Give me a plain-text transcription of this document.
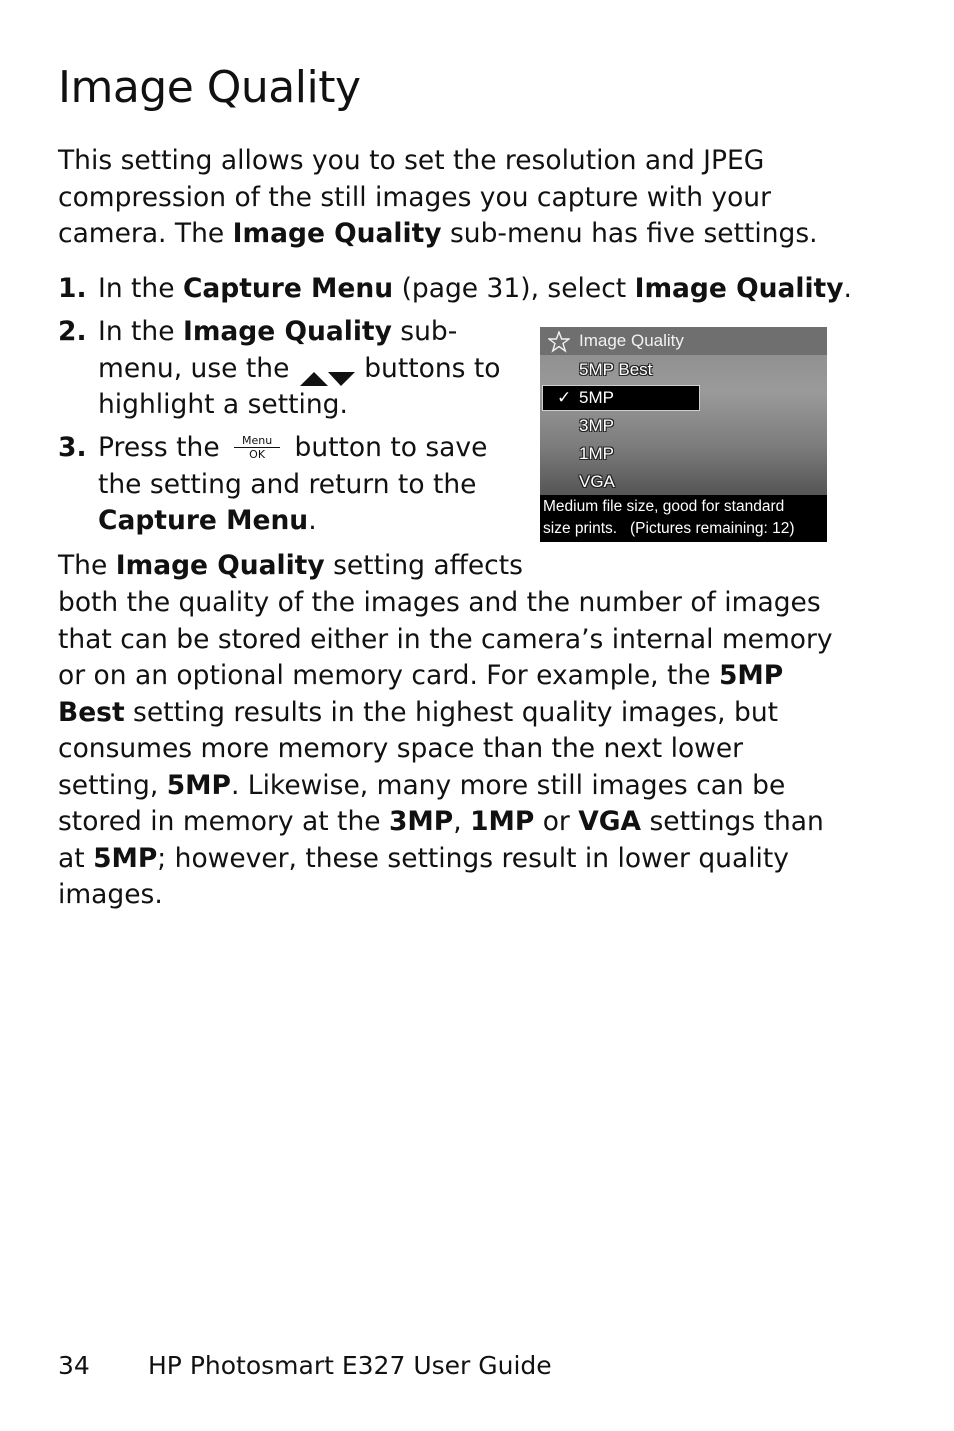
Image Quality

This setting allows you to set the resolution and JPEG compression of the still images you capture with your camera. The Image Quality sub-menu has five settings.

1. In the Capture Menu (page 31), select Image Quality.
2. In the Image Quality sub-menu, use the  buttons to highlight a setting.
3. Press the	Menu
OK button to save the setting and return to the Capture Menu.
Image Quality
5MP Best
✓ 5MP
3MP
1MP
VGA
Medium file size, good for standard
size prints.   (Pictures remaining: 12)

The Image Quality setting affects

both the quality of the images and the number of images that can be stored either in the camera’s internal memory or on an optional memory card. For example, the 5MP Best setting results in the highest quality images, but consumes more memory space than the next lower setting, 5MP. Likewise, many more still images can be stored in memory at the 3MP, 1MP or VGA settings than at 5MP; however, these settings result in lower quality images.

34 HP Photosmart E327 User Guide
